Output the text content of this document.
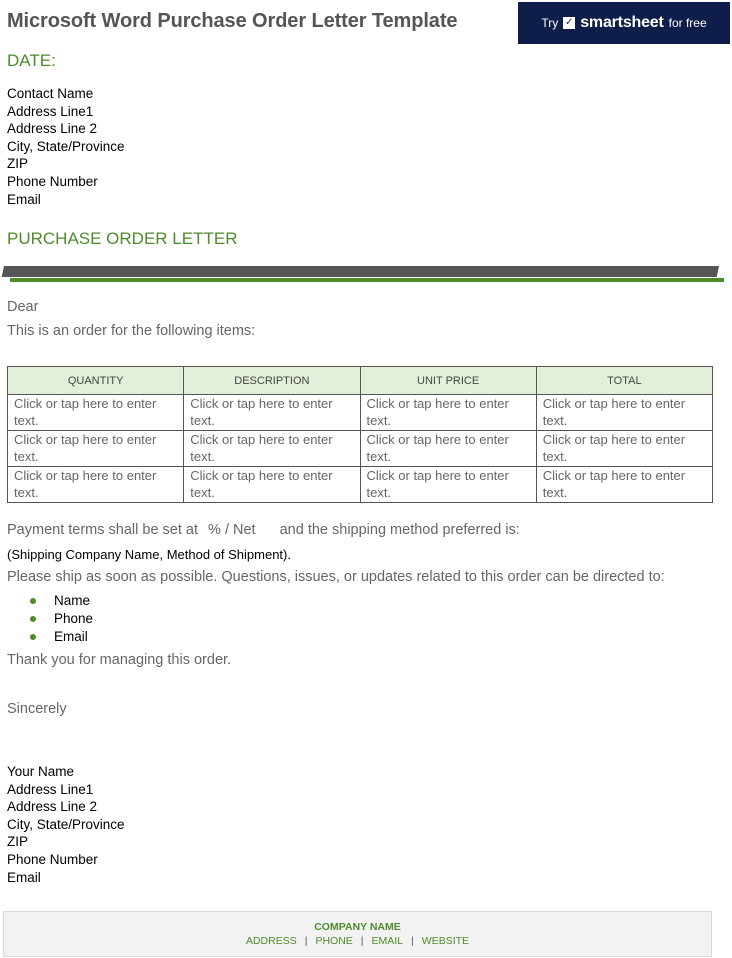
Microsoft Word Purchase Order Letter Template	Try ✓ smartsheet for free
DATE:
Contact Name
Address Line1
Address Line 2
City, State/Province
ZIP
Phone Number
Email
PURCHASE ORDER LETTER
Dear
This is an order for the following items:
QUANTITY	DESCRIPTION	UNIT PRICE	TOTAL
Click or tap here to enter text.	Click or tap here to enter text.	Click or tap here to enter text.	Click or tap here to enter text.
Click or tap here to enter text.	Click or tap here to enter text.	Click or tap here to enter text.	Click or tap here to enter text.
Click or tap here to enter text.	Click or tap here to enter text.	Click or tap here to enter text.	Click or tap here to enter text.
Payment terms shall be set at % / Net and the shipping method preferred is:
(Shipping Company Name, Method of Shipment).
Please ship as soon as possible. Questions, issues, or updates related to this order can be directed to:
Name
Phone
Email
Thank you for managing this order.
Sincerely
Your Name
Address Line1
Address Line 2
City, State/Province
ZIP
Phone Number
Email
COMPANY NAME
ADDRESS | PHONE | EMAIL | WEBSITE
